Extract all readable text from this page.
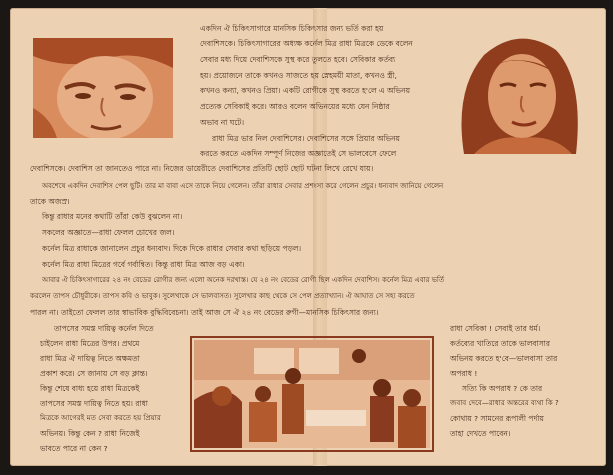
একদিন ঐ চিকিৎসাগারে মানসিক চিকিৎসার জন্য ভর্তি করা হয়
দেবাশিসকে। চিকিৎসাগারের অধ্যক্ষ কর্নেল মিত্র রাধা মিত্রকে ডেকে বলেন
সেবার মধ্য দিয়ে দেবাশিসকে সুস্থ করে তুলতে হবে। সেবিকার কর্তব্য
হয়। প্রয়োজনে তাকে কখনও সাজতে হয় স্নেহময়ী মাতা, কখনও স্ত্রী,
কখনও কন্যা, কখনও প্রিয়া। একটি রোগীকে সুস্থ করতে হ'লে এ অভিনয়
প্রত্যেক সেবিকাই করে। আরও বলেন অভিনয়ের মধ্যে যেন নিষ্ঠার
অভাব না ঘটে।
রাধা মিত্র ভার নিল দেবাশিসের। দেবাশিসের সঙ্গে প্রিয়ার অভিনয়
করতে করতে একদিন সম্পূর্ণ নিজের অজ্ঞাতেই সে ভালবেসে ফেলে
দেবাশিসকে। দেবাশিস তা জানতেও পারে না। নিজের ডায়েরীতে দেবাশিসের প্রতিটি ছোট ছোট ঘটনা লিখে রেখে যায়।
অবশেষে একদিন দেবাশিস পেল ছুটি। তার মা বাবা এসে তাকে নিয়ে গেলেন। তাঁরা রাধার সেবার প্রশংসা করে গেলেন প্রচুর। ধন্যবাদ জানিয়ে গেলেন
তাকে অজস্র।
কিন্তু রাধার মনের কথাটি তাঁরা কেউ বুঝলেন না।
সকলের অজ্ঞাতে—রাধা ফেলল চোখের জল।
কর্নেল মিত্র রাধাকে জানালেন প্রচুর ধন্যবাদ। দিকে দিকে রাধার সেবার কথা ছড়িয়ে পড়ল।
কর্নেল মিত্র রাধা মিত্রের গর্বে গর্বান্বিত। কিন্তু রাধা মিত্র আজ বড় একা।
আবার ঐ চিকিৎসাগারের ২৪ নং বেডের রোগীর জন্য এলো অনেক দরখাস্ত। যে ২৪ নং বেডের রোগী ছিল একদিন দেবাশিস। কর্নেল মিত্র এবার ভর্তি
করলেন তাপস চৌধুরীকে। তাপস কবি ও ভাবুক। সুলেখাকে সে ভালবাসত। সুলেখার কাছ থেকে সে পেল প্রত্যাখ্যান। ঐ আঘাত সে সহ্য করতে
পারল না। তাইতো ফেলল তার স্বাভাবিক বুদ্ধিবিবেচনা। তাই আজ সে ঐ ২৪ নং বেডের রুগী—মানসিক চিকিৎসার জন্য।
তাপসের সমস্ত দায়িত্ব কর্নেল দিতে
চাইলেন রাধা মিত্রের উপর। প্রথমে
রাধা মিত্র ঐ দায়িত্ব নিতে অক্ষমতা
প্রকাশ করে। সে জানায় সে বড় ক্লান্ত।
কিন্তু শেষে বাধ্য হয়ে রাধা মিত্রকেই
তাপসের সমস্ত দায়িত্ব নিতে হয়। রাধা
মিত্রকে আগেরই মত সেবা করতে হয় প্রিয়ার
অভিনয়। কিন্তু কেন ? রাধা নিজেই
ভাবতে পারে না কেন ?
রাধা সেবিকা ! সেবাই তার ধর্ম।
কর্তব্যের খাতিরে তাকে ভালবাসার
অভিনয় করতে হ'বে—ভালবাসা তার
অপরাধ !
সত্যি কি অপরাধ ? কে তার
জবাব দেবে—রাধার অন্তরের ব্যথা কি ?
কোথায় ? সামনের রূপালী পর্দায়
তাহা দেখতে পাবেন।
